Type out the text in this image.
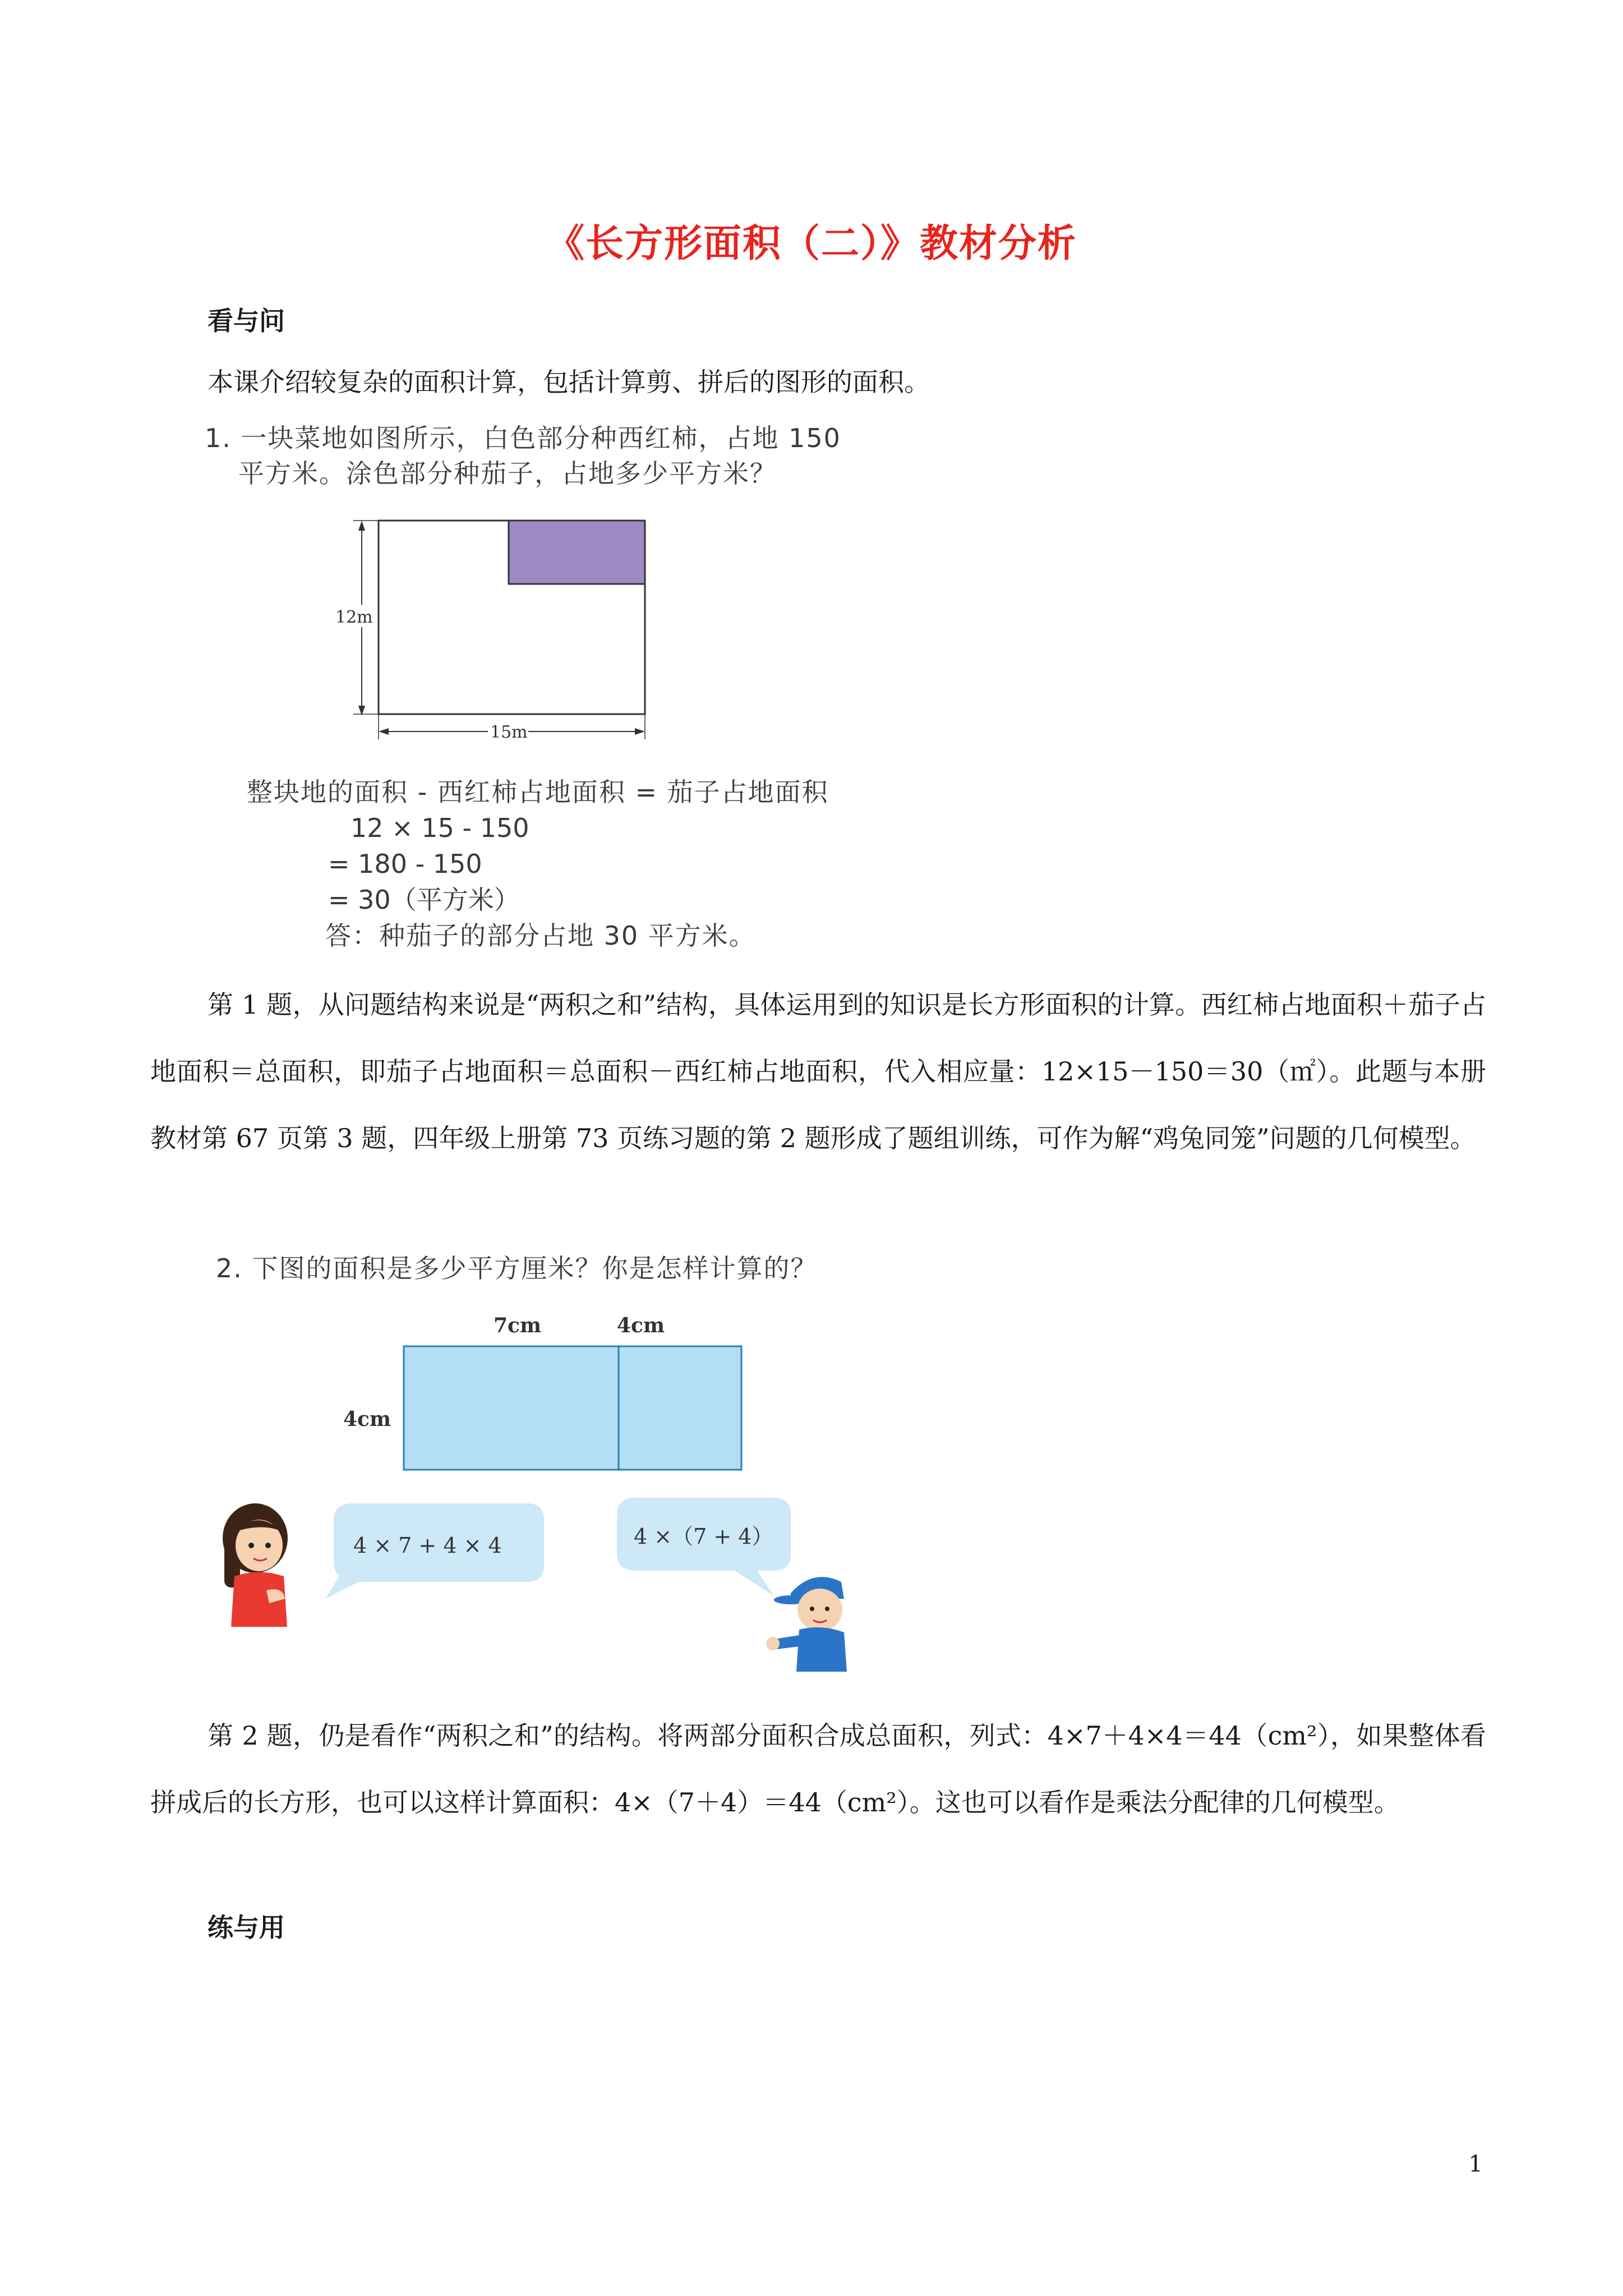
《长方形面积（二）》教材分析
看与问
本课介绍较复杂的面积计算，包括计算剪、拼后的图形的面积。
1. 一块菜地如图所示，白色部分种西红柿，占地 150
平方米。涂色部分种茄子，占地多少平方米？
12m
15m
整块地的面积 - 西红柿占地面积 = 茄子占地面积
12 × 15 - 150
= 180 - 150
= 30（平方米）
答：种茄子的部分占地 30 平方米。
第 1 题，从问题结构来说是“两积之和”结构，具体运用到的知识是长方形面积的计算。西红柿占地面积＋茄子占地面积＝总面积，即茄子占地面积＝总面积－西红柿占地面积，代入相应量：12×15－150＝30（㎡）。此题与本册教材第 67 页第 3 题，四年级上册第 73 页练习题的第 2 题形成了题组训练，可作为解“鸡兔同笼”问题的几何模型。
2. 下图的面积是多少平方厘米？你是怎样计算的？
7cm	4cm
4cm
4 × 7 + 4 × 4	4 ×（7 + 4）
第 2 题，仍是看作“两积之和”的结构。将两部分面积合成总面积，列式：4×7＋4×4＝44（cm²），如果整体看拼成后的长方形，也可以这样计算面积：4×（7＋4）＝44（cm²）。这也可以看作是乘法分配律的几何模型。
练与用
1
